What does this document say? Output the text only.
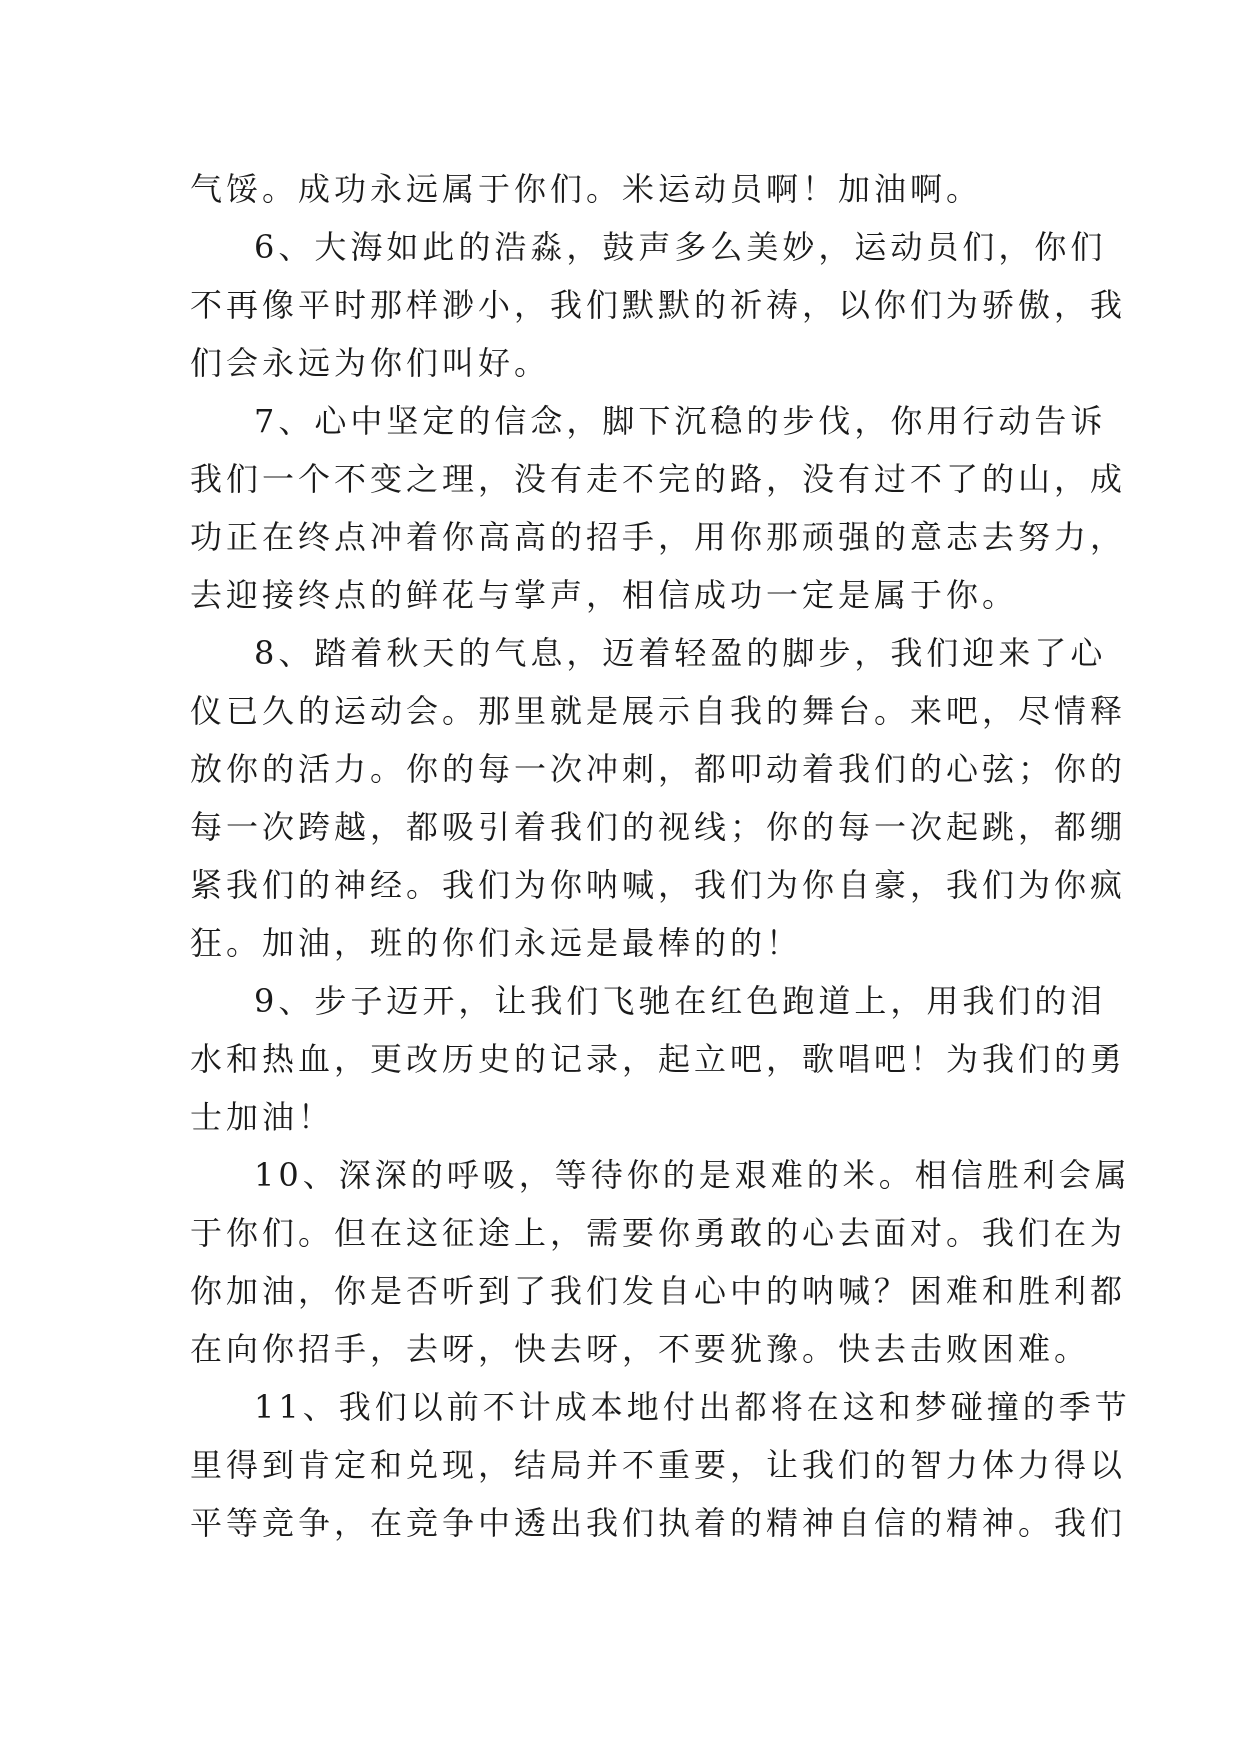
气馁。成功永远属于你们。米运动员啊！加油啊。
6、大海如此的浩淼，鼓声多么美妙，运动员们，你们
不再像平时那样渺小，我们默默的祈祷，以你们为骄傲，我
们会永远为你们叫好。
7、心中坚定的信念，脚下沉稳的步伐，你用行动告诉
我们一个不变之理，没有走不完的路，没有过不了的山，成
功正在终点冲着你高高的招手，用你那顽强的意志去努力，
去迎接终点的鲜花与掌声，相信成功一定是属于你。
8、踏着秋天的气息，迈着轻盈的脚步，我们迎来了心
仪已久的运动会。那里就是展示自我的舞台。来吧，尽情释
放你的活力。你的每一次冲刺，都叩动着我们的心弦；你的
每一次跨越，都吸引着我们的视线；你的每一次起跳，都绷
紧我们的神经。我们为你呐喊，我们为你自豪，我们为你疯
狂。加油，班的你们永远是最棒的的！
9、步子迈开，让我们飞驰在红色跑道上，用我们的泪
水和热血，更改历史的记录，起立吧，歌唱吧！为我们的勇
士加油！
10、深深的呼吸，等待你的是艰难的米。相信胜利会属
于你们。但在这征途上，需要你勇敢的心去面对。我们在为
你加油，你是否听到了我们发自心中的呐喊？困难和胜利都
在向你招手，去呀，快去呀，不要犹豫。快去击败困难。
11、我们以前不计成本地付出都将在这和梦碰撞的季节
里得到肯定和兑现，结局并不重要，让我们的智力体力得以
平等竞争，在竞争中透出我们执着的精神自信的精神。我们
